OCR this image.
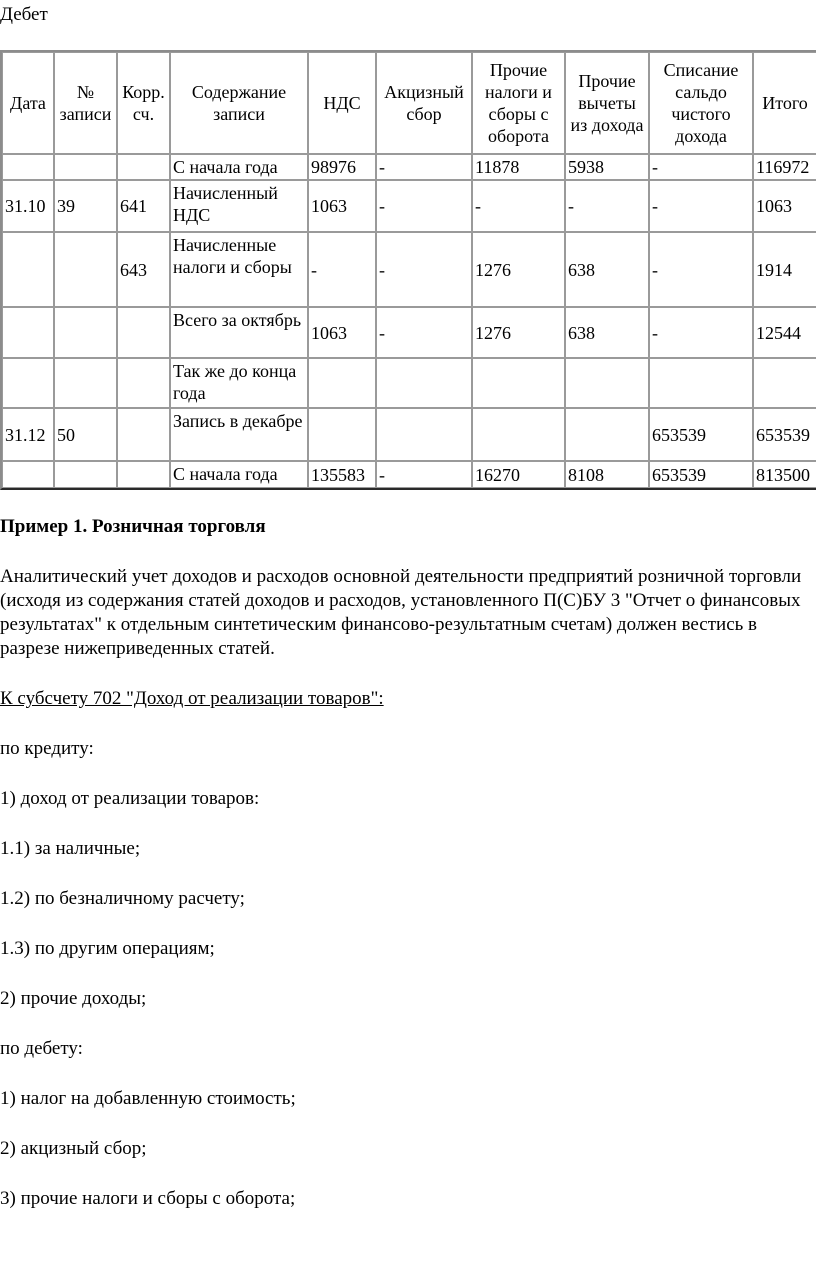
Дебет
Дата	№ записи	Корр. сч.	Содержание записи	НДС	Акцизный сбор	Прочие налоги и сборы с оборота	Прочие вычеты из дохода	Списание сальдо чистого дохода	Итого
			С начала года	98976	-	11878	5938	-	116972
31.10	39	641	Начисленный НДС	1063	-	-	-	-	1063
		643	Начисленные налоги и сборы	-	-	1276	638	-	1914
			Всего за октябрь	1063	-	1276	638	-	12544
			Так же до конца года						
31.12	50		Запись в декабре					653539	653539
			С начала года	135583	-	16270	8108	653539	813500

Пример 1. Розничная торговля

Аналитический учет доходов и расходов основной деятельности предприятий розничной торговли (исходя из содержания статей доходов и расходов, установленного П(С)БУ 3 "Отчет о финансовых результатах" к отдельным синтетическим финансово-результатным счетам) должен вестись в разрезе нижеприведенных статей.

К субсчету 702 "Доход от реализации товаров":

по кредиту:

1) доход от реализации товаров:

1.1) за наличные;

1.2) по безналичному расчету;

1.3) по другим операциям;

2) прочие доходы;

по дебету:

1) налог на добавленную стоимость;

2) акцизный сбор;

3) прочие налоги и сборы с оборота;
